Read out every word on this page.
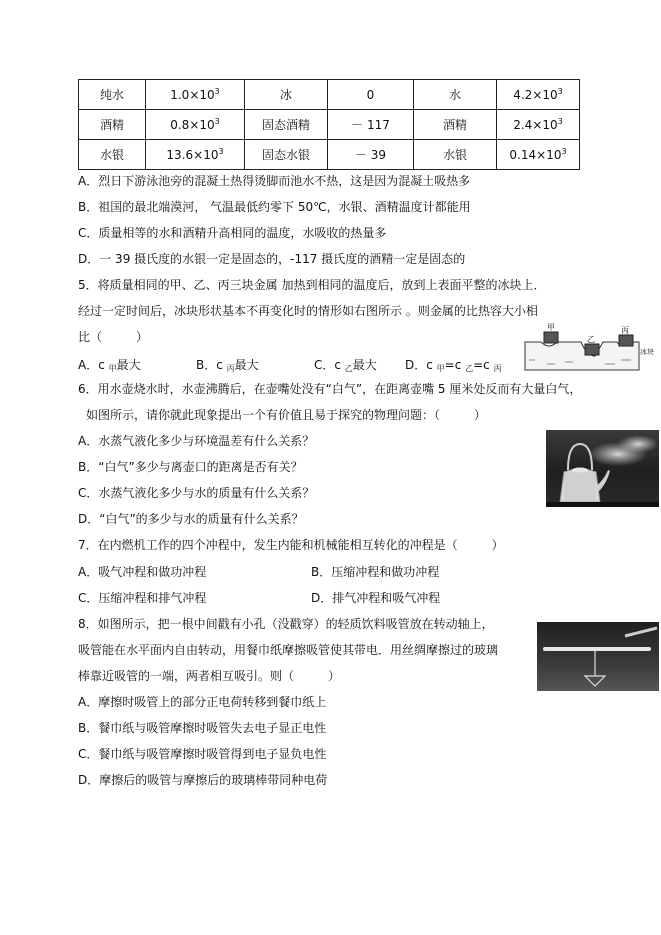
纯水	$1.0\times 10^3$	冰	0	水	$4.2\times 10^3$
酒精	$0.8\times 10^3$	固态酒精	－ 117	酒精	$2.4\times 10^3$
水银	$13.6\times 10^3$	固态水银	－ 39	水银	$0.14\times 10^3$
A．烈日下游泳池旁的混凝土热得烫脚而池水不热，这是因为混凝土吸热多
B．祖国的最北端漠河， 气温最低约零下 50℃，水银、酒精温度计都能用
C．质量相等的水和酒精升高相同的温度，水吸收的热量多
D．一 39 摄氏度的水银一定是固态的，-117 摄氏度的酒精一定是固态的
5．将质量相同的甲、乙、丙三块金属 加热到相同的温度后，放到上表面平整的冰块上．
经过一定时间后，冰块形状基本不再变化时的情形如右图所示 。则金属的比热容大小相
比（	）
A．c $_甲$最大	B．c $_丙$最大	C．c $_乙$最大 D．c $_甲$=c $_乙$=c $_丙$
甲
乙
丙
冰块
6．用水壶烧水时，水壶沸腾后，在壶嘴处没有“白气”，在距离壶嘴 5 厘米处反而有大量白气，
如图所示，请你就此现象提出一个有价值且易于探究的物理问题：（	）
A．水蒸气液化多少与环境温差有什么关系？
B．“白气”多少与离壶口的距离是否有关？
C．水蒸气液化多少与水的质量有什么关系？
D．“白气”的多少与水的质量有什么关系？
7．在内燃机工作的四个冲程中，发生内能和机械能相互转化的冲程是（	）
A．吸气冲程和做功冲程	B．压缩冲程和做功冲程
C．压缩冲程和排气冲程	D．排气冲程和吸气冲程
8．如图所示，把一根中间戳有小孔（没戳穿）的轻质饮料吸管放在转动轴上，
吸管能在水平面内自由转动，用餐巾纸摩擦吸管使其带电．用丝绸摩擦过的玻璃
棒靠近吸管的一端，两者相互吸引。则（	）
A．摩擦时吸管上的部分正电荷转移到餐巾纸上
B．餐巾纸与吸管摩擦时吸管失去电子显正电性
C．餐巾纸与吸管摩擦时吸管得到电子显负电性
D．摩擦后的吸管与摩擦后的玻璃棒带同种电荷
